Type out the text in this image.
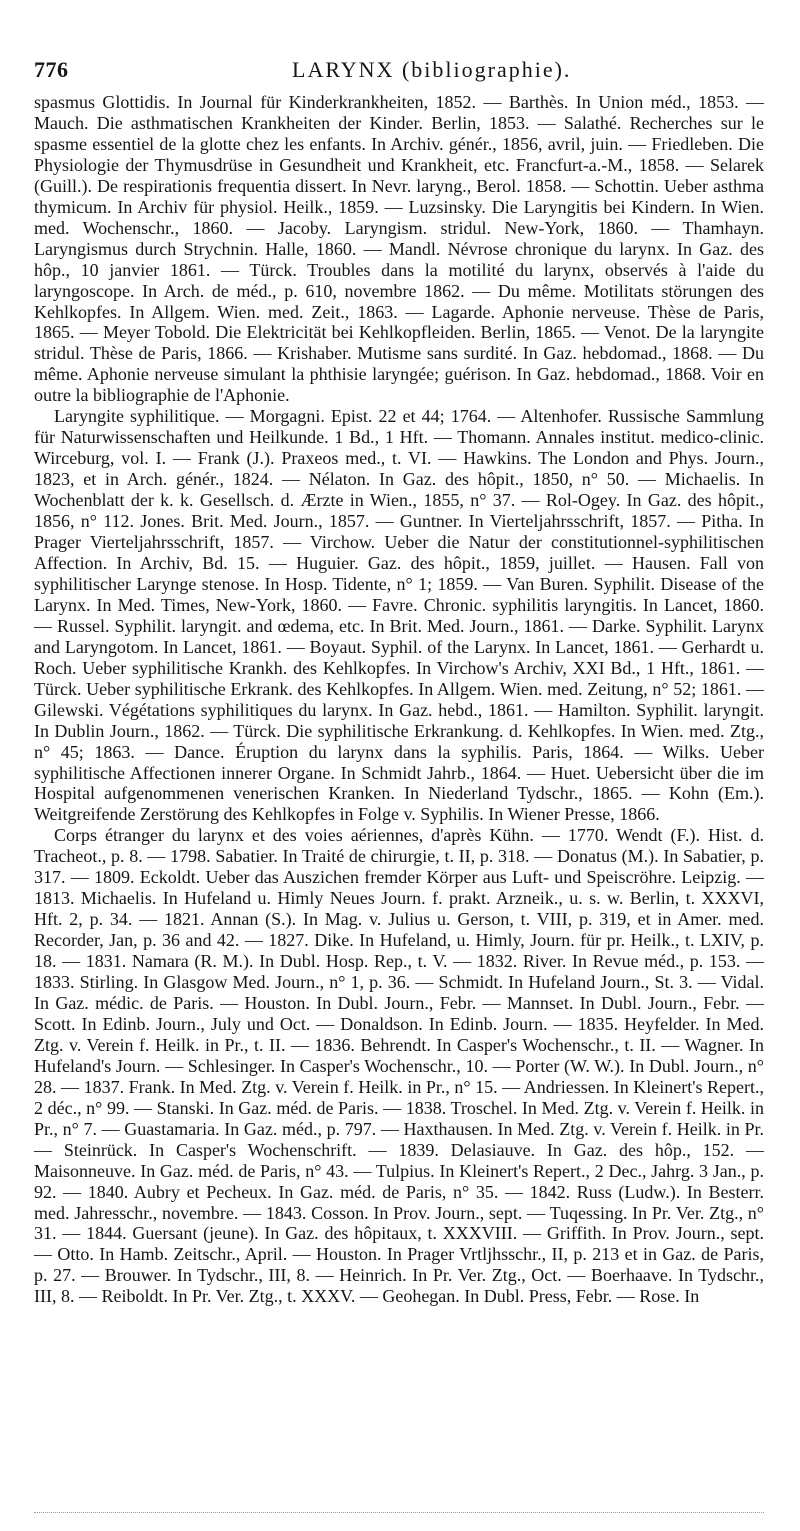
776	LARYNX (bibliographie).

spasmus Glottidis. In Journal für Kinderkrankheiten, 1852. — Barthès. In Union méd., 1853. — Mauch. Die asthmatischen Krankheiten der Kinder. Berlin, 1853. — Salathé. Recherches sur le spasme essentiel de la glotte chez les enfants. In Archiv. génér., 1856, avril, juin. — Friedleben. Die Physiologie der Thymusdrüse in Gesundheit und Krankheit, etc. Francfurt-a.-M., 1858. — Selarek (Guill.). De respirationis frequentia dissert. In Nevr. laryng., Berol. 1858. — Schottin. Ueber asthma thymicum. In Archiv für physiol. Heilk., 1859. — Luzsinsky. Die Laryngitis bei Kindern. In Wien. med. Wochenschr., 1860. — Jacoby. Laryngism. stridul. New-York, 1860. — Thamhayn. Laryngismus durch Strychnin. Halle, 1860. — Mandl. Névrose chronique du larynx. In Gaz. des hôp., 10 janvier 1861. — Türck. Troubles dans la motilité du larynx, observés à l'aide du laryngoscope. In Arch. de méd., p. 610, novembre 1862. — Du même. Motilitats störungen des Kehlkopfes. In Allgem. Wien. med. Zeit., 1863. — Lagarde. Aphonie nerveuse. Thèse de Paris, 1865. — Meyer Tobold. Die Elektricität bei Kehlkopfleiden. Berlin, 1865. — Venot. De la laryngite stridul. Thèse de Paris, 1866. — Krishaber. Mutisme sans surdité. In Gaz. hebdomad., 1868. — Du même. Aphonie nerveuse simulant la phthisie laryngée; guérison. In Gaz. hebdomad., 1868. Voir en outre la bibliographie de l'Aphonie.

Laryngite syphilitique. — Morgagni. Epist. 22 et 44; 1764. — Altenhofer. Russische Sammlung für Naturwissenschaften und Heilkunde. 1 Bd., 1 Hft. — Thomann. Annales institut. medico-clinic. Wirceburg, vol. I. — Frank (J.). Praxeos med., t. VI. — Hawkins. The London and Phys. Journ., 1823, et in Arch. génér., 1824. — Nélaton. In Gaz. des hôpit., 1850, n° 50. — Michaelis. In Wochenblatt der k. k. Gesellsch. d. Ærzte in Wien., 1855, n° 37. — Rol-Ogey. In Gaz. des hôpit., 1856, n° 112. Jones. Brit. Med. Journ., 1857. — Guntner. In Vierteljahrsschrift, 1857. — Pitha. In Prager Vierteljahrsschrift, 1857. — Virchow. Ueber die Natur der constitutionnel-syphilitischen Affection. In Archiv, Bd. 15. — Huguier. Gaz. des hôpit., 1859, juillet. — Hausen. Fall von syphilitischer Larynge stenose. In Hosp. Tidente, n° 1; 1859. — Van Buren. Syphilit. Disease of the Larynx. In Med. Times, New-York, 1860. — Favre. Chronic. syphilitis laryngitis. In Lancet, 1860. — Russel. Syphilit. laryngit. and œdema, etc. In Brit. Med. Journ., 1861. — Darke. Syphilit. Larynx and Laryngotom. In Lancet, 1861. — Boyaut. Syphil. of the Larynx. In Lancet, 1861. — Gerhardt u. Roch. Ueber syphilitische Krankh. des Kehlkopfes. In Virchow's Archiv, XXI Bd., 1 Hft., 1861. — Türck. Ueber syphilitische Erkrank. des Kehlkopfes. In Allgem. Wien. med. Zeitung, n° 52; 1861. — Gilewski. Végétations syphilitiques du larynx. In Gaz. hebd., 1861. — Hamilton. Syphilit. laryngit. In Dublin Journ., 1862. — Türck. Die syphilitische Erkrankung. d. Kehlkopfes. In Wien. med. Ztg., n° 45; 1863. — Dance. Éruption du larynx dans la syphilis. Paris, 1864. — Wilks. Ueber syphilitische Affectionen innerer Organe. In Schmidt Jahrb., 1864. — Huet. Uebersicht über die im Hospital aufgenommenen venerischen Kranken. In Niederland Tydschr., 1865. — Kohn (Em.). Weitgreifende Zerstörung des Kehlkopfes in Folge v. Syphilis. In Wiener Presse, 1866.

Corps étranger du larynx et des voies aériennes, d'après Kühn. — 1770. Wendt (F.). Hist. d. Tracheot., p. 8. — 1798. Sabatier. In Traité de chirurgie, t. II, p. 318. — Donatus (M.). In Sabatier, p. 317. — 1809. Eckoldt. Ueber das Auszichen fremder Körper aus Luft- und Speiscröhre. Leipzig. — 1813. Michaelis. In Hufeland u. Himly Neues Journ. f. prakt. Arzneik., u. s. w. Berlin, t. XXXVI, Hft. 2, p. 34. — 1821. Annan (S.). In Mag. v. Julius u. Gerson, t. VIII, p. 319, et in Amer. med. Recorder, Jan, p. 36 and 42. — 1827. Dike. In Hufeland, u. Himly, Journ. für pr. Heilk., t. LXIV, p. 18. — 1831. Namara (R. M.). In Dubl. Hosp. Rep., t. V. — 1832. River. In Revue méd., p. 153. — 1833. Stirling. In Glasgow Med. Journ., n° 1, p. 36. — Schmidt. In Hufeland Journ., St. 3. — Vidal. In Gaz. médic. de Paris. — Houston. In Dubl. Journ., Febr. — Mannset. In Dubl. Journ., Febr. — Scott. In Edinb. Journ., July und Oct. — Donaldson. In Edinb. Journ. — 1835. Heyfelder. In Med. Ztg. v. Verein f. Heilk. in Pr., t. II. — 1836. Behrendt. In Casper's Wochenschr., t. II. — Wagner. In Hufeland's Journ. — Schlesinger. In Casper's Wochenschr., 10. — Porter (W. W.). In Dubl. Journ., n° 28. — 1837. Frank. In Med. Ztg. v. Verein f. Heilk. in Pr., n° 15. — Andriessen. In Kleinert's Repert., 2 déc., n° 99. — Stanski. In Gaz. méd. de Paris. — 1838. Troschel. In Med. Ztg. v. Verein f. Heilk. in Pr., n° 7. — Guastamaria. In Gaz. méd., p. 797. — Haxthausen. In Med. Ztg. v. Verein f. Heilk. in Pr. — Steinrück. In Casper's Wochenschrift. — 1839. Delasiauve. In Gaz. des hôp., 152. — Maisonneuve. In Gaz. méd. de Paris, n° 43. — Tulpius. In Kleinert's Repert., 2 Dec., Jahrg. 3 Jan., p. 92. — 1840. Aubry et Pecheux. In Gaz. méd. de Paris, n° 35. — 1842. Russ (Ludw.). In Besterr. med. Jahresschr., novembre. — 1843. Cosson. In Prov. Journ., sept. — Tuqessing. In Pr. Ver. Ztg., n° 31. — 1844. Guersant (jeune). In Gaz. des hôpitaux, t. XXXVIII. — Griffith. In Prov. Journ., sept. — Otto. In Hamb. Zeitschr., April. — Houston. In Prager Vrtljhsschr., II, p. 213 et in Gaz. de Paris, p. 27. — Brouwer. In Tydschr., III, 8. — Heinrich. In Pr. Ver. Ztg., Oct. — Boerhaave. In Tydschr., III, 8. — Reiboldt. In Pr. Ver. Ztg., t. XXXV. — Geohegan. In Dubl. Press, Febr. — Rose. In
